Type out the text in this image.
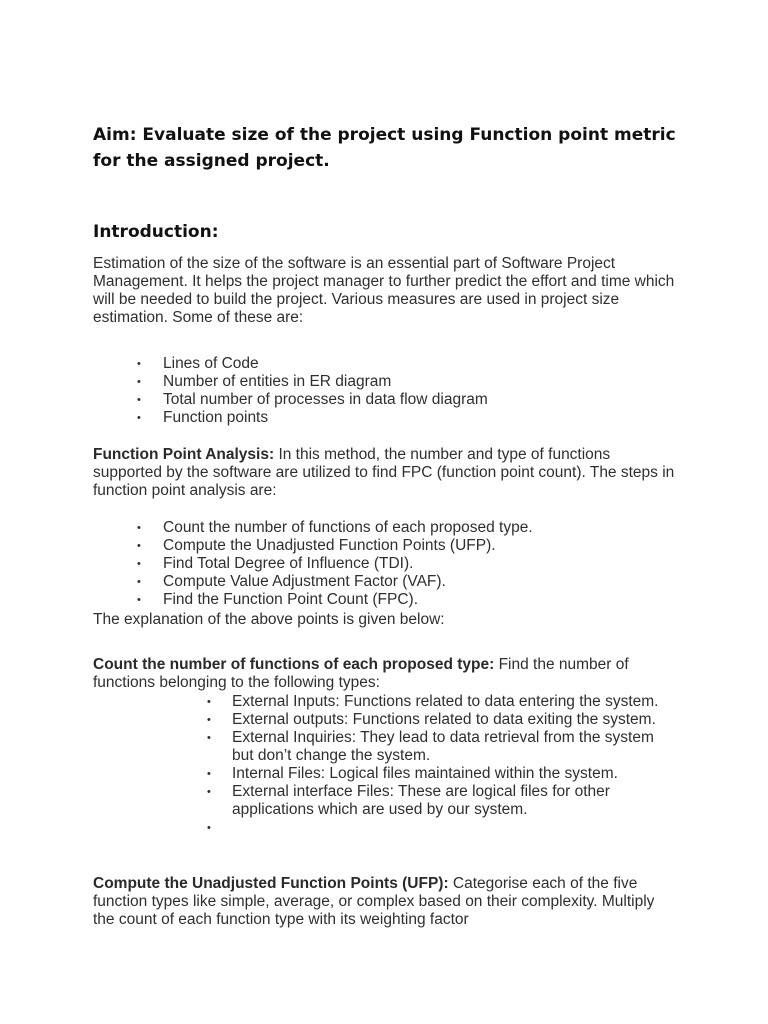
Aim: Evaluate size of the project using Function point metric for the assigned project.

Introduction:

Estimation of the size of the software is an essential part of Software Project Management. It helps the project manager to further predict the effort and time which will be needed to build the project. Various measures are used in project size estimation. Some of these are:

• Lines of Code
• Number of entities in ER diagram
• Total number of processes in data flow diagram
• Function points

Function Point Analysis: In this method, the number and type of functions supported by the software are utilized to find FPC (function point count). The steps in function point analysis are:

• Count the number of functions of each proposed type.
• Compute the Unadjusted Function Points (UFP).
• Find Total Degree of Influence (TDI).
• Compute Value Adjustment Factor (VAF).
• Find the Function Point Count (FPC).

The explanation of the above points is given below:

Count the number of functions of each proposed type: Find the number of functions belonging to the following types:

• External Inputs: Functions related to data entering the system.
• External outputs: Functions related to data exiting the system.
• External Inquiries: They lead to data retrieval from the system but don’t change the system.
• Internal Files: Logical files maintained within the system.
• External interface Files: These are logical files for other applications which are used by our system.
•

Compute the Unadjusted Function Points (UFP): Categorise each of the five function types like simple, average, or complex based on their complexity. Multiply the count of each function type with its weighting factor
